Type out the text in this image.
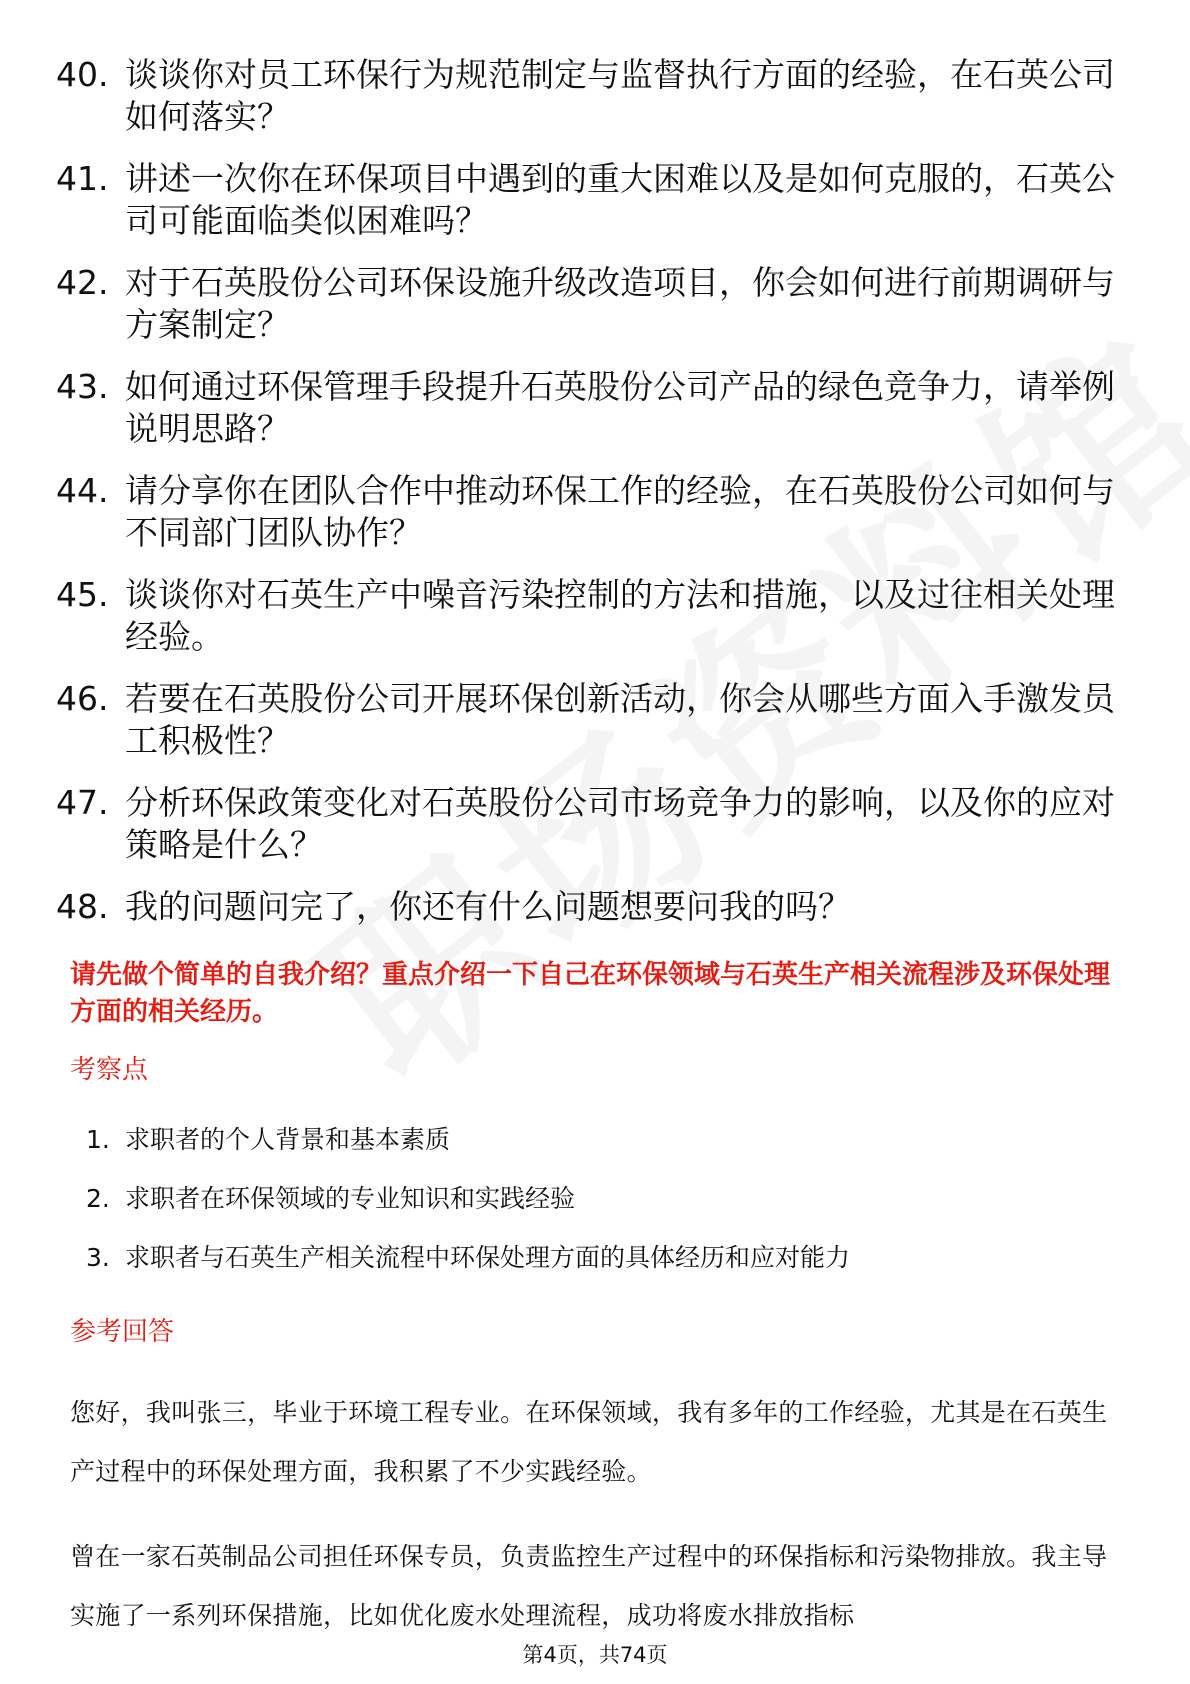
40. 谈谈你对员工环保行为规范制定与监督执行方面的经验，在石英公司如何落实？
41. 讲述一次你在环保项目中遇到的重大困难以及是如何克服的，石英公司可能面临类似困难吗？
42. 对于石英股份公司环保设施升级改造项目，你会如何进行前期调研与方案制定？
43. 如何通过环保管理手段提升石英股份公司产品的绿色竞争力，请举例说明思路？
44. 请分享你在团队合作中推动环保工作的经验，在石英股份公司如何与不同部门团队协作？
45. 谈谈你对石英生产中噪音污染控制的方法和措施，以及过往相关处理经验。
46. 若要在石英股份公司开展环保创新活动，你会从哪些方面入手激发员工积极性？
47. 分析环保政策变化对石英股份公司市场竞争力的影响，以及你的应对策略是什么？
48. 我的问题问完了，你还有什么问题想要问我的吗？
请先做个简单的自我介绍？重点介绍一下自己在环保领域与石英生产相关流程涉及环保处理方面的相关经历。
考察点
1. 求职者的个人背景和基本素质
2. 求职者在环保领域的专业知识和实践经验
3. 求职者与石英生产相关流程中环保处理方面的具体经历和应对能力
参考回答
您好，我叫张三，毕业于环境工程专业。在环保领域，我有多年的工作经验，尤其是在石英生产过程中的环保处理方面，我积累了不少实践经验。
曾在一家石英制品公司担任环保专员，负责监控生产过程中的环保指标和污染物排放。我主导实施了一系列环保措施，比如优化废水处理流程，成功将废水排放指标
第4页，共74页
